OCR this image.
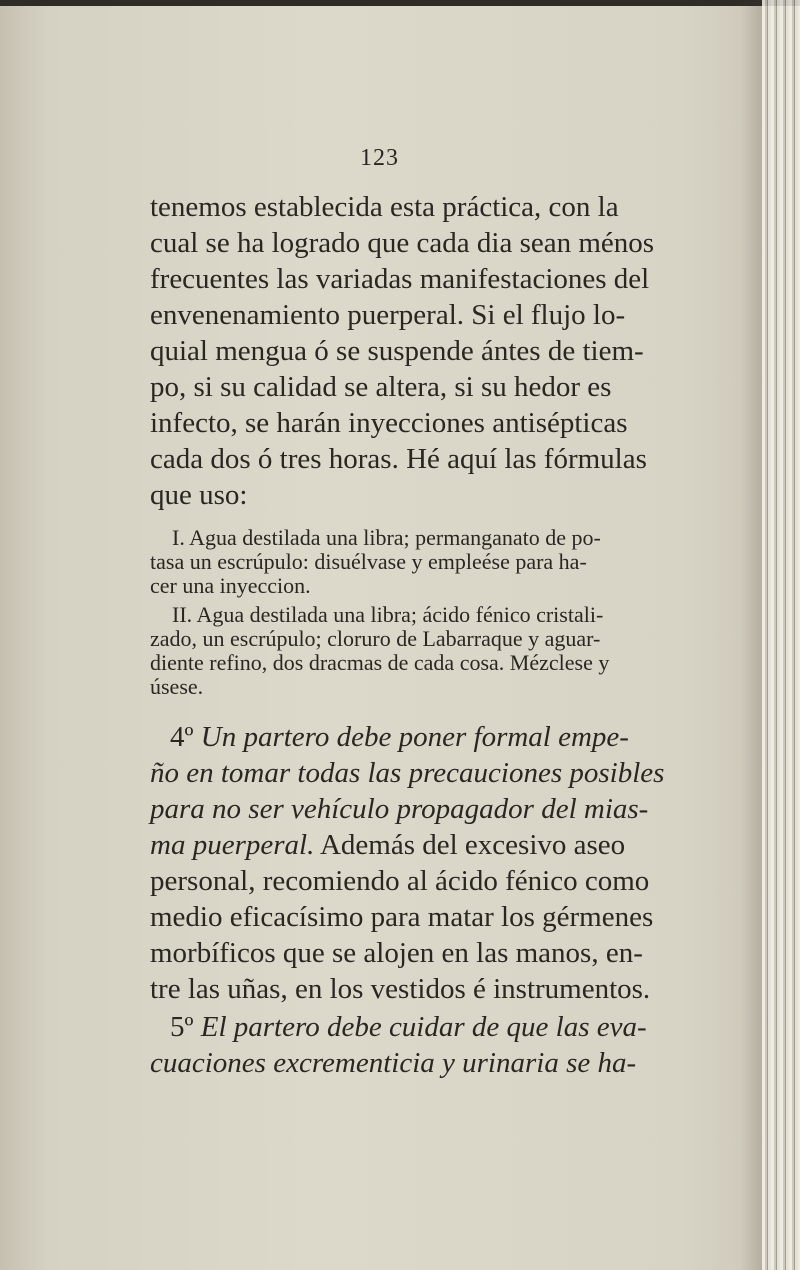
123
tenemos establecida esta práctica, con la
cual se ha logrado que cada dia sean ménos
frecuentes las variadas manifestaciones del
envenenamiento puerperal. Si el flujo lo-
quial mengua ó se suspende ántes de tiem-
po, si su calidad se altera, si su hedor es
infecto, se harán inyecciones antisépticas
cada dos ó tres horas. Hé aquí las fórmulas
que uso:
I. Agua destilada una libra; permanganato de po-
tasa un escrúpulo: disuélvase y empleése para ha-
cer una inyeccion.
II. Agua destilada una libra; ácido fénico cristali-
zado, un escrúpulo; cloruro de Labarraque y aguar-
diente refino, dos dracmas de cada cosa. Mézclese y
úsese.
4º Un partero debe poner formal empe-
ño en tomar todas las precauciones posibles
para no ser vehículo propagador del mias-
ma puerperal. Además del excesivo aseo
personal, recomiendo al ácido fénico como
medio eficacísimo para matar los gérmenes
morbíficos que se alojen en las manos, en-
tre las uñas, en los vestidos é instrumentos.
5º El partero debe cuidar de que las eva-
cuaciones excrementicia y urinaria se ha-
